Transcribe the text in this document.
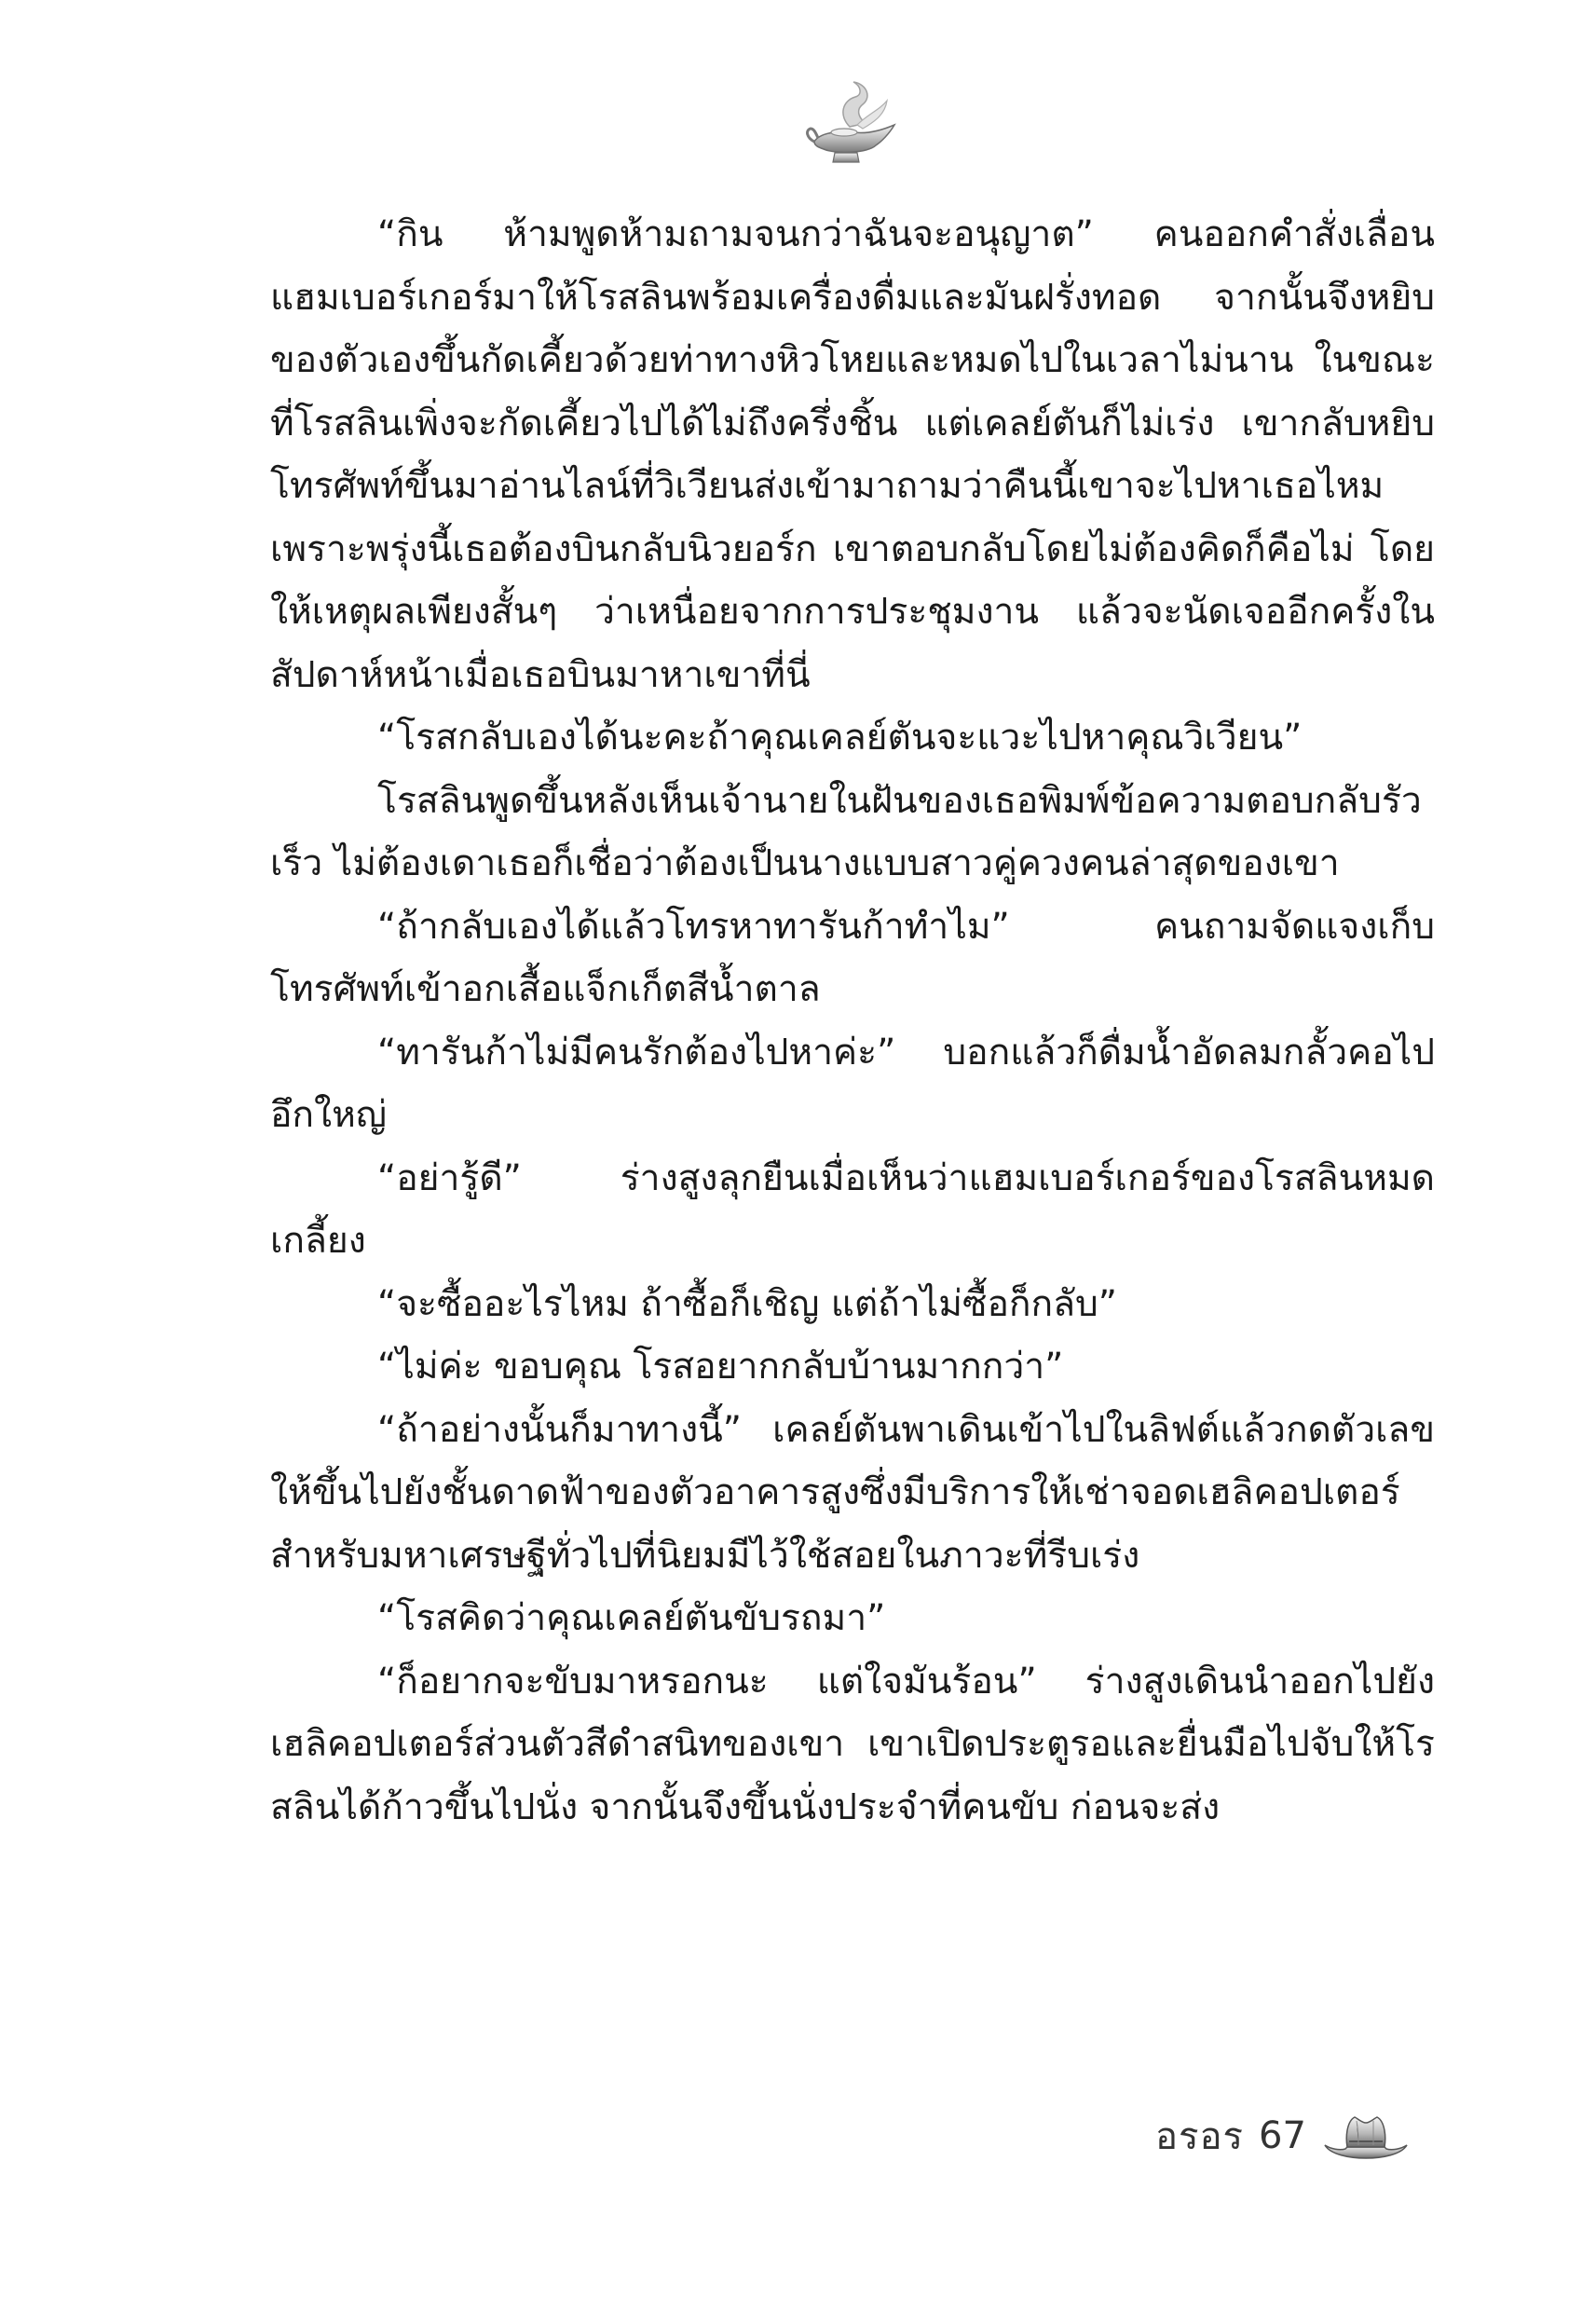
“กิน ห้ามพูดห้ามถามจนกว่าฉันจะอนุญาต” คนออกคำสั่งเลื่อนแฮมเบอร์เกอร์มาให้โรสลินพร้อมเครื่องดื่มและมันฝรั่งทอด จากนั้นจึงหยิบของตัวเองขึ้นกัดเคี้ยวด้วยท่าทางหิวโหยและหมดไปในเวลาไม่นาน ในขณะที่โรสลินเพิ่งจะกัดเคี้ยวไปได้ไม่ถึงครึ่งชิ้น แต่เคลย์ตันก็ไม่เร่ง เขากลับหยิบโทรศัพท์ขึ้นมาอ่านไลน์ที่วิเวียนส่งเข้ามาถามว่าคืนนี้เขาจะไปหาเธอไหม เพราะพรุ่งนี้เธอต้องบินกลับนิวยอร์ก เขาตอบกลับโดยไม่ต้องคิดก็คือไม่ โดยให้เหตุผลเพียงสั้นๆ ว่าเหนื่อยจากการประชุมงาน แล้วจะนัดเจออีกครั้งในสัปดาห์หน้าเมื่อเธอบินมาหาเขาที่นี่

“โรสกลับเองได้นะคะถ้าคุณเคลย์ตันจะแวะไปหาคุณวิเวียน”

โรสลินพูดขึ้นหลังเห็นเจ้านายในฝันของเธอพิมพ์ข้อความตอบกลับรัวเร็ว ไม่ต้องเดาเธอก็เชื่อว่าต้องเป็นนางแบบสาวคู่ควงคนล่าสุดของเขา

“ถ้ากลับเองได้แล้วโทรหาทารันก้าทำไม” คนถามจัดแจงเก็บโทรศัพท์เข้าอกเสื้อแจ็กเก็ตสีน้ำตาล

“ทารันก้าไม่มีคนรักต้องไปหาค่ะ” บอกแล้วก็ดื่มน้ำอัดลมกลั้วคอไปอึกใหญ่

“อย่ารู้ดี” ร่างสูงลุกยืนเมื่อเห็นว่าแฮมเบอร์เกอร์ของโรสลินหมดเกลี้ยง

“จะซื้ออะไรไหม ถ้าซื้อก็เชิญ แต่ถ้าไม่ซื้อก็กลับ”

“ไม่ค่ะ ขอบคุณ โรสอยากกลับบ้านมากกว่า”

“ถ้าอย่างนั้นก็มาทางนี้” เคลย์ตันพาเดินเข้าไปในลิฟต์แล้วกดตัวเลขให้ขึ้นไปยังชั้นดาดฟ้าของตัวอาคารสูงซึ่งมีบริการให้เช่าจอดเฮลิคอปเตอร์สำหรับมหาเศรษฐีทั่วไปที่นิยมมีไว้ใช้สอยในภาวะที่รีบเร่ง

“โรสคิดว่าคุณเคลย์ตันขับรถมา”

“ก็อยากจะขับมาหรอกนะ แต่ใจมันร้อน” ร่างสูงเดินนำออกไปยังเฮลิคอปเตอร์ส่วนตัวสีดำสนิทของเขา เขาเปิดประตูรอและยื่นมือไปจับให้โรสลินได้ก้าวขึ้นไปนั่ง จากนั้นจึงขึ้นนั่งประจำที่คนขับ ก่อนจะส่ง

อรอร 67
